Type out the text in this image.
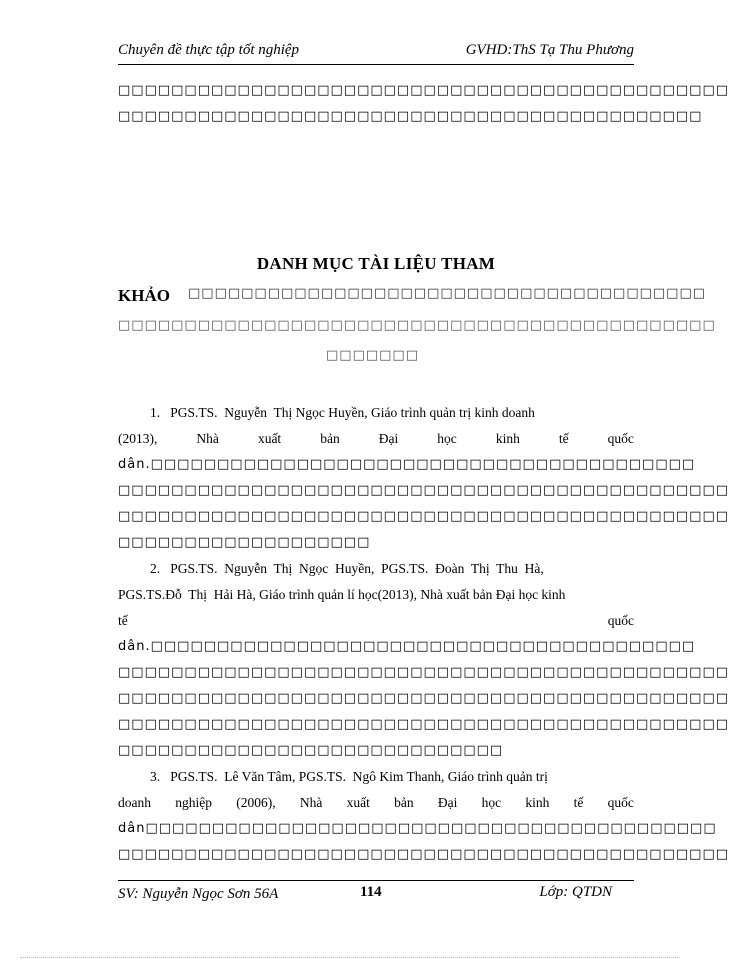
Chuyên đề thực tập tốt nghiệp	GVHD:ThS Tạ Thu Phương
□□□□□□□□□□□□□□□□□□□□□□□□□□□□□□□□□□□□□□□□□□□□□□
□□□□□□□□□□□□□□□□□□□□□□□□□□□□□□□□□□□□□□□□□□□□
DANH MỤC TÀI LIỆU THAM
KHẢO □□□□□□□□□□□□□□□□□□□□□□□□□□□□□□□□□□□□□□□
□□□□□□□□□□□□□□□□□□□□□□□□□□□□□□□□□□□□□□□□□□□□□
□□□□□□□

1.   PGS.TS.  Nguyễn  Thị Ngọc Huyền, Giáo trình quản trị kinh doanh

(2013),	Nhà	xuất	bản	Đại	học	kinh	tế	quốc
dân.□□□□□□□□□□□□□□□□□□□□□□□□□□□□□□□□□□□□□□□□□
□□□□□□□□□□□□□□□□□□□□□□□□□□□□□□□□□□□□□□□□□□□□□□
□□□□□□□□□□□□□□□□□□□□□□□□□□□□□□□□□□□□□□□□□□□□□□
□□□□□□□□□□□□□□□□□□□

2.   PGS.TS.  Nguyễn  Thị  Ngọc  Huyền,  PGS.TS.  Đoàn  Thị  Thu  Hà,

PGS.TS.Đỗ  Thị  Hải Hà, Giáo trình quản lí học(2013), Nhà xuất bản Đại học kinh

tế	quốc
dân.□□□□□□□□□□□□□□□□□□□□□□□□□□□□□□□□□□□□□□□□□
□□□□□□□□□□□□□□□□□□□□□□□□□□□□□□□□□□□□□□□□□□□□□□
□□□□□□□□□□□□□□□□□□□□□□□□□□□□□□□□□□□□□□□□□□□□□□
□□□□□□□□□□□□□□□□□□□□□□□□□□□□□□□□□□□□□□□□□□□□□□
□□□□□□□□□□□□□□□□□□□□□□□□□□□□□

3.   PGS.TS.  Lê Văn Tâm, PGS.TS.  Ngô Kim Thanh, Giáo trình quản trị

doanh nghiệp (2006), Nhà xuất bản Đại học kinh tế quốc
dân□□□□□□□□□□□□□□□□□□□□□□□□□□□□□□□□□□□□□□□□□□□
□□□□□□□□□□□□□□□□□□□□□□□□□□□□□□□□□□□□□□□□□□□□□□
SV: Nguyễn Ngọc Sơn 56A	114	Lớp: QTDN
